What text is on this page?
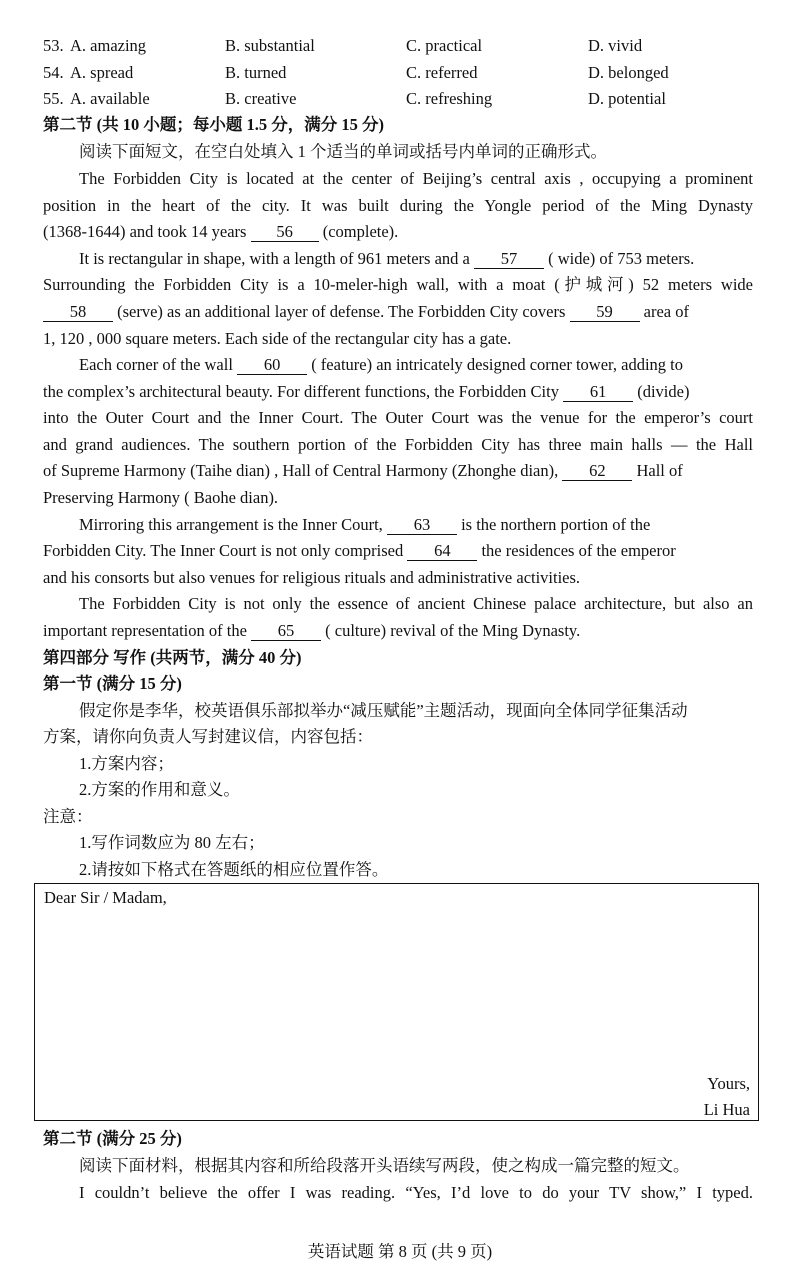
53. A. amazing	B. substantial	C. practical	D. vivid
54. A. spread	B. turned	C. referred	D. belonged
55. A. available	B. creative	C. refreshing	D. potential
第二节 (共 10 小题；每小题 1.5 分，满分 15 分)
阅读下面短文，在空白处填入 1 个适当的单词或括号内单词的正确形式。
The Forbidden City is located at the center of Beijing’s central axis , occupying a prominent
position in the heart of the city. It was built during the Yongle period of the Ming Dynasty
(1368-1644) and took 14 years 56 (complete).
It is rectangular in shape, with a length of 961 meters and a 57 ( wide) of 753 meters.
Surrounding the Forbidden City is a 10-meler-high wall, with a moat (护城河) 52 meters wide
58 (serve) as an additional layer of defense. The Forbidden City covers 59 area of
1, 120 , 000 square meters. Each side of the rectangular city has a gate.
Each corner of the wall 60 ( feature) an intricately designed corner tower, adding to
the complex’s architectural beauty. For different functions, the Forbidden City 61 (divide)
into the Outer Court and the Inner Court. The Outer Court was the venue for the emperor’s court
and grand audiences. The southern portion of the Forbidden City has three main halls — the Hall
of Supreme Harmony (Taihe dian) , Hall of Central Harmony (Zhonghe dian), 62 Hall of
Preserving Harmony ( Baohe dian).
Mirroring this arrangement is the Inner Court, 63 is the northern portion of the
Forbidden City. The Inner Court is not only comprised 64 the residences of the emperor
and his consorts but also venues for religious rituals and administrative activities.
The Forbidden City is not only the essence of ancient Chinese palace architecture, but also an
important representation of the 65 ( culture) revival of the Ming Dynasty.
第四部分 写作 (共两节，满分 40 分)
第一节 (满分 15 分)
假定你是李华，校英语俱乐部拟举办“减压赋能”主题活动，现面向全体同学征集活动
方案，请你向负责人写封建议信，内容包括：
1.方案内容；
2.方案的作用和意义。
注意：
1.写作词数应为 80 左右；
2.请按如下格式在答题纸的相应位置作答。
Dear Sir / Madam,
Yours,
Li Hua
第二节 (满分 25 分)
阅读下面材料，根据其内容和所给段落开头语续写两段，使之构成一篇完整的短文。
I couldn’t believe the offer I was reading. “Yes, I’d love to do your TV show,” I typed.
英语试题 第 8 页 (共 9 页)
